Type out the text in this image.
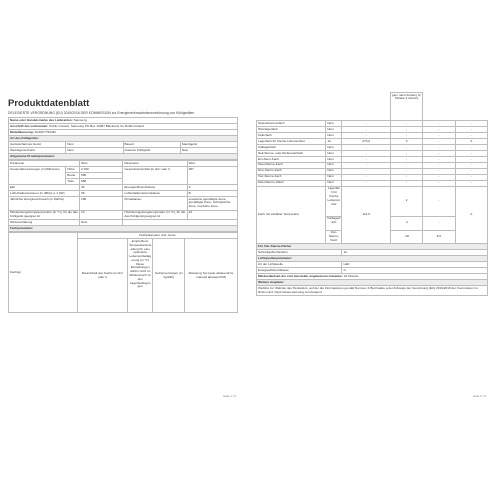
Produktdatenblatt
DELEGIERTE VERORDNUNG (EU) 2019/2016 DER KOMMISSION zur Energieverbrauchskennzeichnung von Kühlgeräten
Name oder Handelsmarke des Lieferanten: Samsung			
Anschrift des Lieferanten: Public Contact, Samsung PO Box 12987 Blackrock Co.Dublin Ireland			
Modellkennung: RL38C776ASR			
Art des Kühlgeräts:			
Geräuscharmes Gerät:	Nein	Bauart:	Standgerät
Weinlagerschrank:	Nein	Anderes Kühlgerät:	Nein
Allgemeine Produktparameter:			
Parameter		Wert	Parameter	Wert
Gesamtabmessungen (in Millimeter)	Höhe	2 030	Gesamtrauminhalt (in dm³ oder l)	387
	Breite	595		
	Tiefe	658		
EEI		45	Energieeffizienzklasse	A
Luftschallemissionen (in dB(A) re 1 pW)		35	Luftschallemissionsklasse	B
Jährlicher Energieverbrauch (in kWh/a)		108	Klimaklasse:	erweiterte gemäßigte Zone, gemäßigte Zone, subtropische Zone, tropische Zone
Mindestumgebungstemperatur (in °C), für die das Kühlgerät geeignet ist		10	Höchstumgebungstemperatur (in °C), für die das Kühlgerät geeignet ist	43
Winterschaltung		Nein		
Fachparameter:				
Fachtyp	Fachparameter und -werte			
	Rauminhalt des Fachs (in dm³ oder l)	Empfohlene Temperatureinstellung für eine optimierte Lebensmittellagerung (in °C) Diese Einstellungen dürfen nicht im Widerspruch zu den Lagerbedingungen	Gefriervermögen (in kg/24h)	Abtauung Typ (auto-abtauend=A, manuell abtauend=M)
seite 1 / 2
			gem nach Anhang IV, Tabelle 3 stehen)		
Speisekammerfach	Nein	-	-	-	-
Weinlagerfach	Nein	-	-	-	-
Kellerfach	Nein	-	-	-	-
Lagerfach für frische Lebensmittel	Ja	273,0	3	-	A
Kaltlagerfach	Nein	-	-	-	-
Null-Sterne- oder Eisbereiterfach	Nein	-	-	-	-
Ein-Stern-Fach	Nein	-	-	-	-
Zwei-Sterne-Fach	Nein	-	-	-	-
Drei-Sterne-Fach	Nein	-	-	-	-
Vier-Sterne-Fach	Nein	-	-	-	-
Zwei-Sterne-Abteil	Nein	-	-	-	-
Fach mit variabler Temperatur	Lagerfach für frische Lebensmittel	114,0	2	-	A
	Kaltlagerfach		-1	-	
	Vier-Sterne-Fach		-18	8,0	
Für Vier-Sterne-Fächer					
Schnellgefrierfunktion		Ja			
Lichtquellenparameter:					
Art der Lichtquelle		LED			
Energieeffizienzklasse		G			
Mindestlaufzeit der vom Hersteller angebotenen Garantie: 24 Monate					
Weitere Angaben:					
Weblink zur Website des Herstellers, auf der die Informationen gemäß Nummer 4 Buchstabe a der Anhangs der Verordnung (EU) 2019/2019 der Kommission zu finden sind: https://www.samsung.com/support					
seite 2 / 2
